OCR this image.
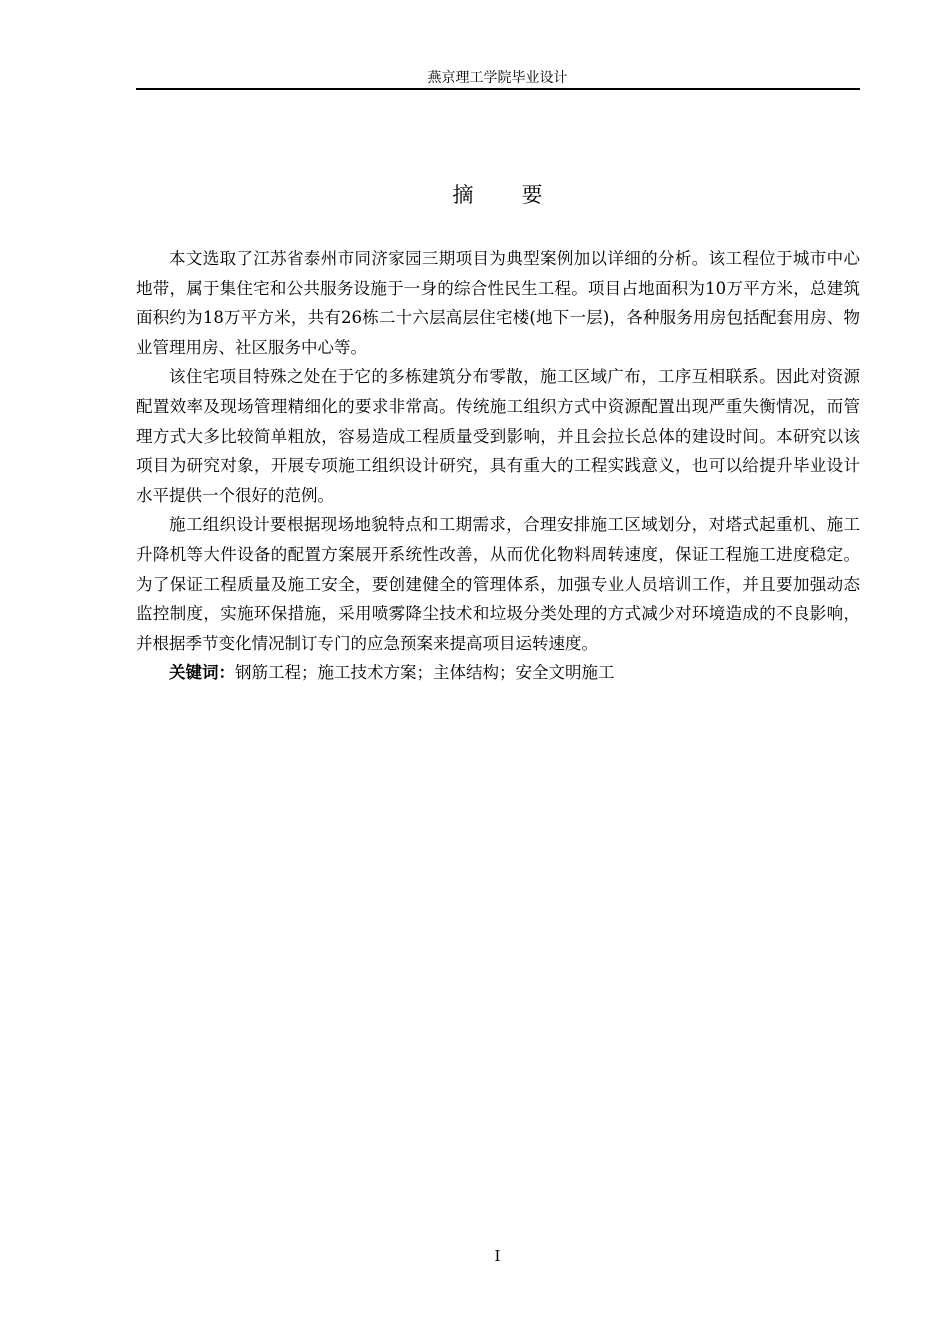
燕京理工学院毕业设计
摘要

本文选取了江苏省泰州市同济家园三期项目为典型案例加以详细的分析。该工程位于城市中心地带，属于集住宅和公共服务设施于一身的综合性民生工程。项目占地面积为10万平方米，总建筑面积约为18万平方米，共有26栋二十六层高层住宅楼(地下一层)，各种服务用房包括配套用房、物业管理用房、社区服务中心等。

该住宅项目特殊之处在于它的多栋建筑分布零散，施工区域广布，工序互相联系。因此对资源配置效率及现场管理精细化的要求非常高。传统施工组织方式中资源配置出现严重失衡情况，而管理方式大多比较简单粗放，容易造成工程质量受到影响，并且会拉长总体的建设时间。本研究以该项目为研究对象，开展专项施工组织设计研究，具有重大的工程实践意义，也可以给提升毕业设计水平提供一个很好的范例。

施工组织设计要根据现场地貌特点和工期需求，合理安排施工区域划分，对塔式起重机、施工升降机等大件设备的配置方案展开系统性改善，从而优化物料周转速度，保证工程施工进度稳定。为了保证工程质量及施工安全，要创建健全的管理体系，加强专业人员培训工作，并且要加强动态监控制度，实施环保措施，采用喷雾降尘技术和垃圾分类处理的方式减少对环境造成的不良影响，并根据季节变化情况制订专门的应急预案来提高项目运转速度。

关键词：钢筋工程；施工技术方案；主体结构；安全文明施工

I
